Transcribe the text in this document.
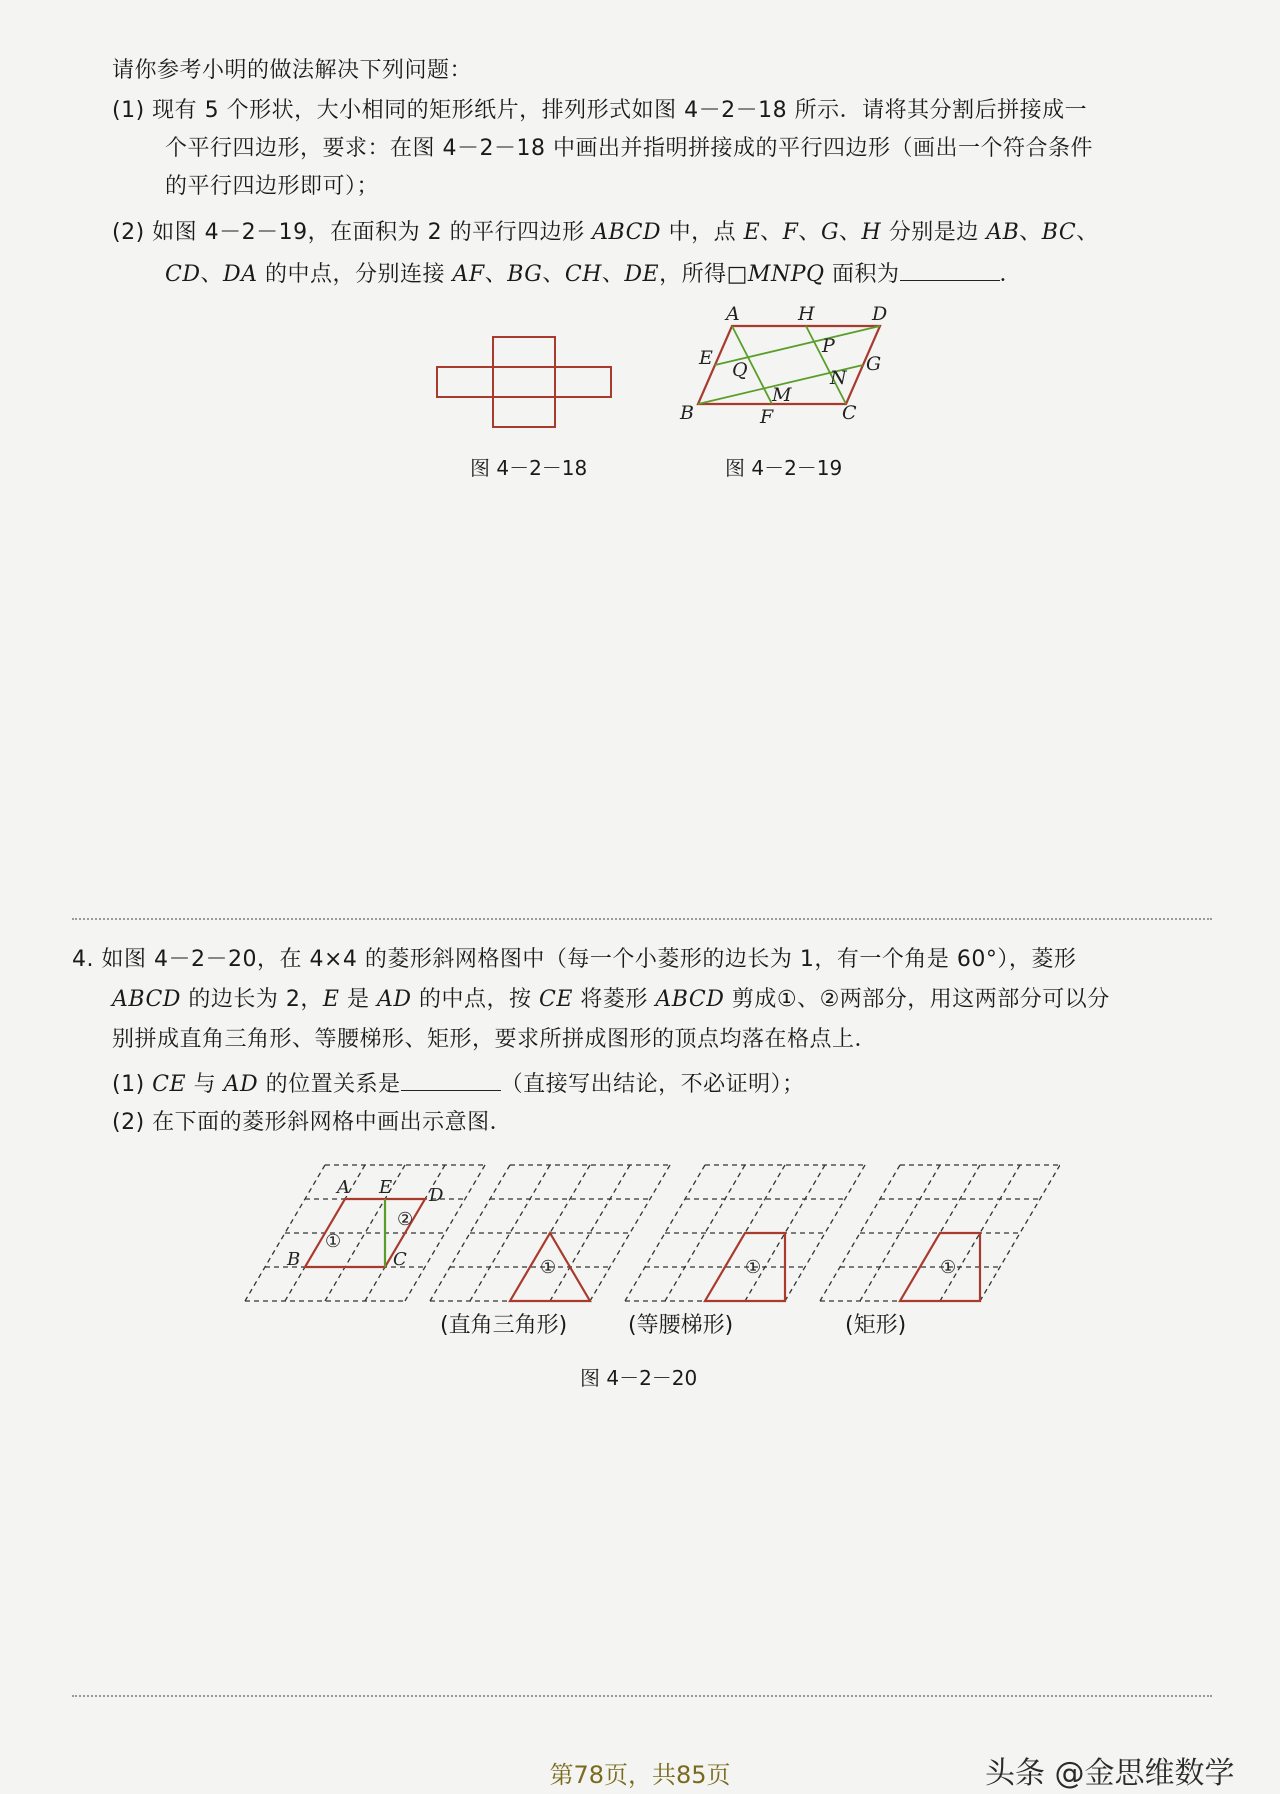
请你参考小明的做法解决下列问题：
(1) 现有 5 个形状，大小相同的矩形纸片，排列形式如图 4－2－18 所示．请将其分割后拼接成一
个平行四边形，要求：在图 4－2－18 中画出并指明拼接成的平行四边形（画出一个符合条件
的平行四边形即可）；
(2) 如图 4－2－19，在面积为 2 的平行四边形 ABCD 中，点 E、F、G、H 分别是边 AB、BC、
CD、DA 的中点，分别连接 AF、BG、CH、DE，所得□MNPQ 面积为	．
图 4－2－18
A	H	D
P
E
Q	N
G
M
B	F	C
图 4－2－19
4. 如图 4－2－20，在 4×4 的菱形斜网格图中（每一个小菱形的边长为 1，有一个角是 60°），菱形
ABCD 的边长为 2，E 是 AD 的中点，按 CE 将菱形 ABCD 剪成①、②两部分，用这两部分可以分
别拼成直角三角形、等腰梯形、矩形，要求所拼成图形的顶点均落在格点上．
(1) CE 与 AD 的位置关系是	（直接写出结论，不必证明）；
(2) 在下面的菱形斜网格中画出示意图．
A E D
B	C
①
②
①	①	①
(直角三角形)	(等腰梯形)	(矩形)
图 4－2－20
第78页，共85页	头条 @金思维数学
